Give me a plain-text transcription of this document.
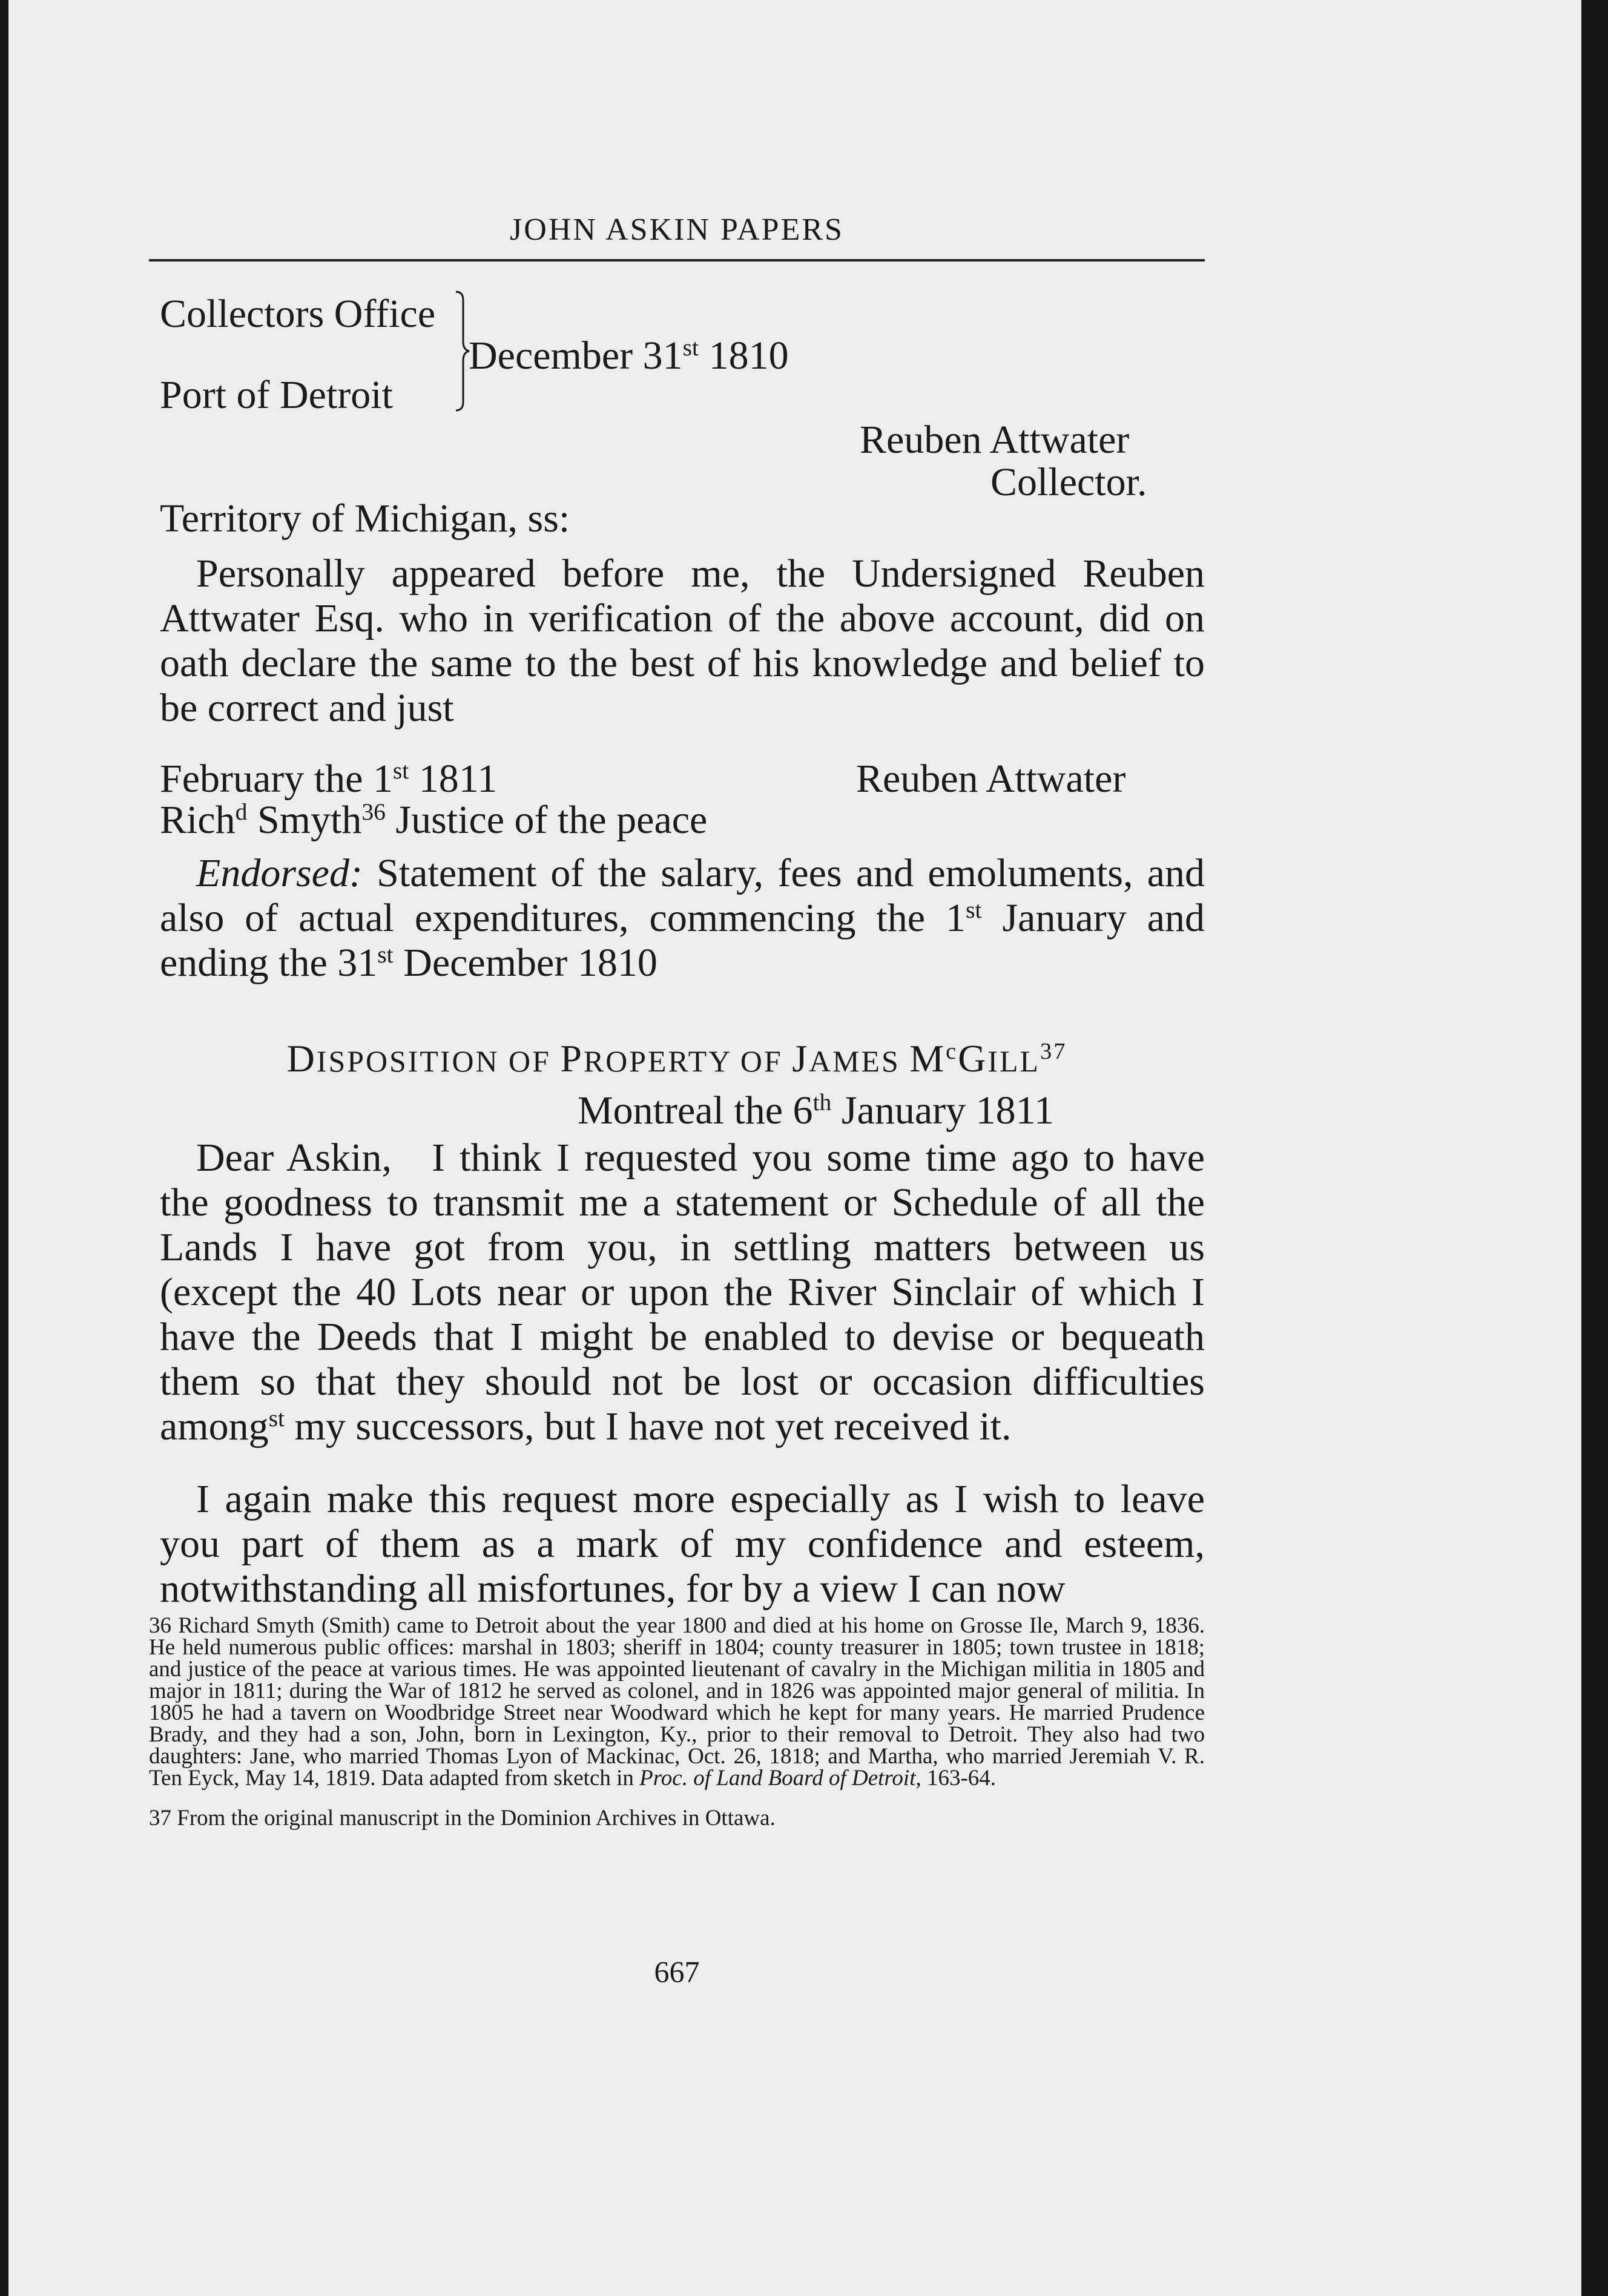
JOHN ASKIN PAPERS
Collectors Office
Port of Detroit
December 31st 1810
Reuben Attwater
Collector.
Territory of Michigan, ss:
Personally appeared before me, the Undersigned Reuben Attwater Esq. who in verification of the above account, did on oath declare the same to the best of his knowledge and belief to be correct and just
February the 1st 1811	Reuben Attwater
Rich$^d$ Smyth$^{36}$ Justice of the peace
Endorsed: Statement of the salary, fees and emoluments, and also of actual expenditures, commencing the 1st January and ending the 31st December 1810
DISPOSITION OF PROPERTY OF JAMES $M^cGILL^{37}$
Montreal the 6th January 1811
Dear Askin, I think I requested you some time ago to have the goodness to transmit me a statement or Schedule of all the Lands I have got from you, in settling matters between us (except the 40 Lots near or upon the River Sinclair of which I have the Deeds that I might be enabled to devise or bequeath them so that they should not be lost or occasion difficulties among$^{st}$ my successors, but I have not yet received it.
I again make this request more especially as I wish to leave you part of them as a mark of my confidence and esteem, notwithstanding all misfortunes, for by a view I can now

36 Richard Smyth (Smith) came to Detroit about the year 1800 and died at his home on Grosse Ile, March 9, 1836. He held numerous public offices: marshal in 1803; sheriff in 1804; county treasurer in 1805; town trustee in 1818; and justice of the peace at various times. He was appointed lieutenant of cavalry in the Michigan militia in 1805 and major in 1811; during the War of 1812 he served as colonel, and in 1826 was appointed major general of militia. In 1805 he had a tavern on Woodbridge Street near Woodward which he kept for many years. He married Prudence Brady, and they had a son, John, born in Lexington, Ky., prior to their removal to Detroit. They also had two daughters: Jane, who married Thomas Lyon of Mackinac, Oct. 26, 1818; and Martha, who married Jeremiah V. R. Ten Eyck, May 14, 1819. Data adapted from sketch in Proc. of Land Board of Detroit, 163-64.

37 From the original manuscript in the Dominion Archives in Ottawa.

667
